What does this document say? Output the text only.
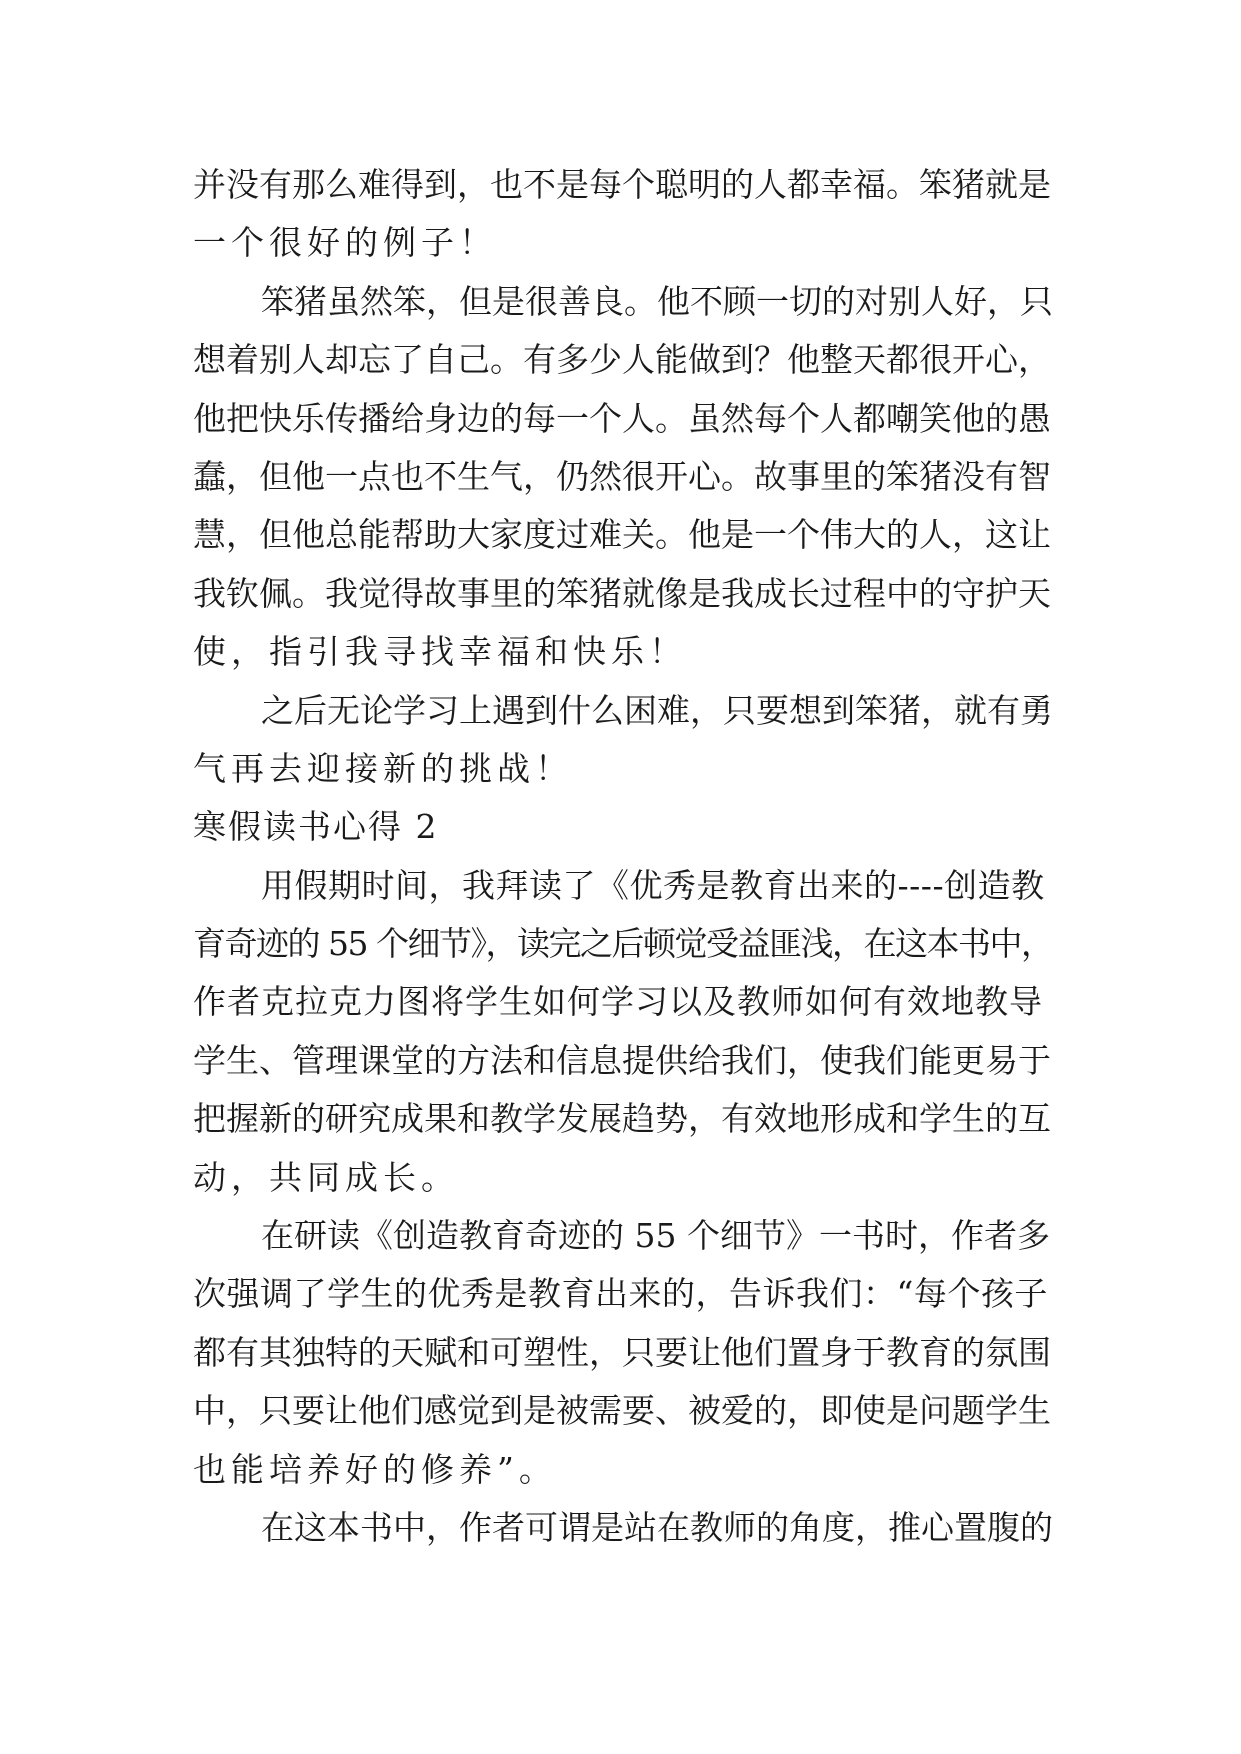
并没有那么难得到，也不是每个聪明的人都幸福。笨猪就是
一个很好的例子！
笨猪虽然笨，但是很善良。他不顾一切的对别人好，只
想着别人却忘了自己。有多少人能做到？他整天都很开心，
他把快乐传播给身边的每一个人。虽然每个人都嘲笑他的愚
蠢，但他一点也不生气，仍然很开心。故事里的笨猪没有智
慧，但他总能帮助大家度过难关。他是一个伟大的人，这让
我钦佩。我觉得故事里的笨猪就像是我成长过程中的守护天
使，指引我寻找幸福和快乐！
之后无论学习上遇到什么困难，只要想到笨猪，就有勇
气再去迎接新的挑战！
寒假读书心得 2
用假期时间，我拜读了《优秀是教育出来的----创造教
育奇迹的 55 个细节》，读完之后顿觉受益匪浅，在这本书中，
作者克拉克力图将学生如何学习以及教师如何有效地教导
学生、管理课堂的方法和信息提供给我们，使我们能更易于
把握新的研究成果和教学发展趋势，有效地形成和学生的互
动，共同成长。
在研读《创造教育奇迹的 55 个细节》一书时，作者多
次强调了学生的优秀是教育出来的，告诉我们：“每个孩子
都有其独特的天赋和可塑性，只要让他们置身于教育的氛围
中，只要让他们感觉到是被需要、被爱的，即使是问题学生
也能培养好的修养”。
在这本书中，作者可谓是站在教师的角度，推心置腹的
